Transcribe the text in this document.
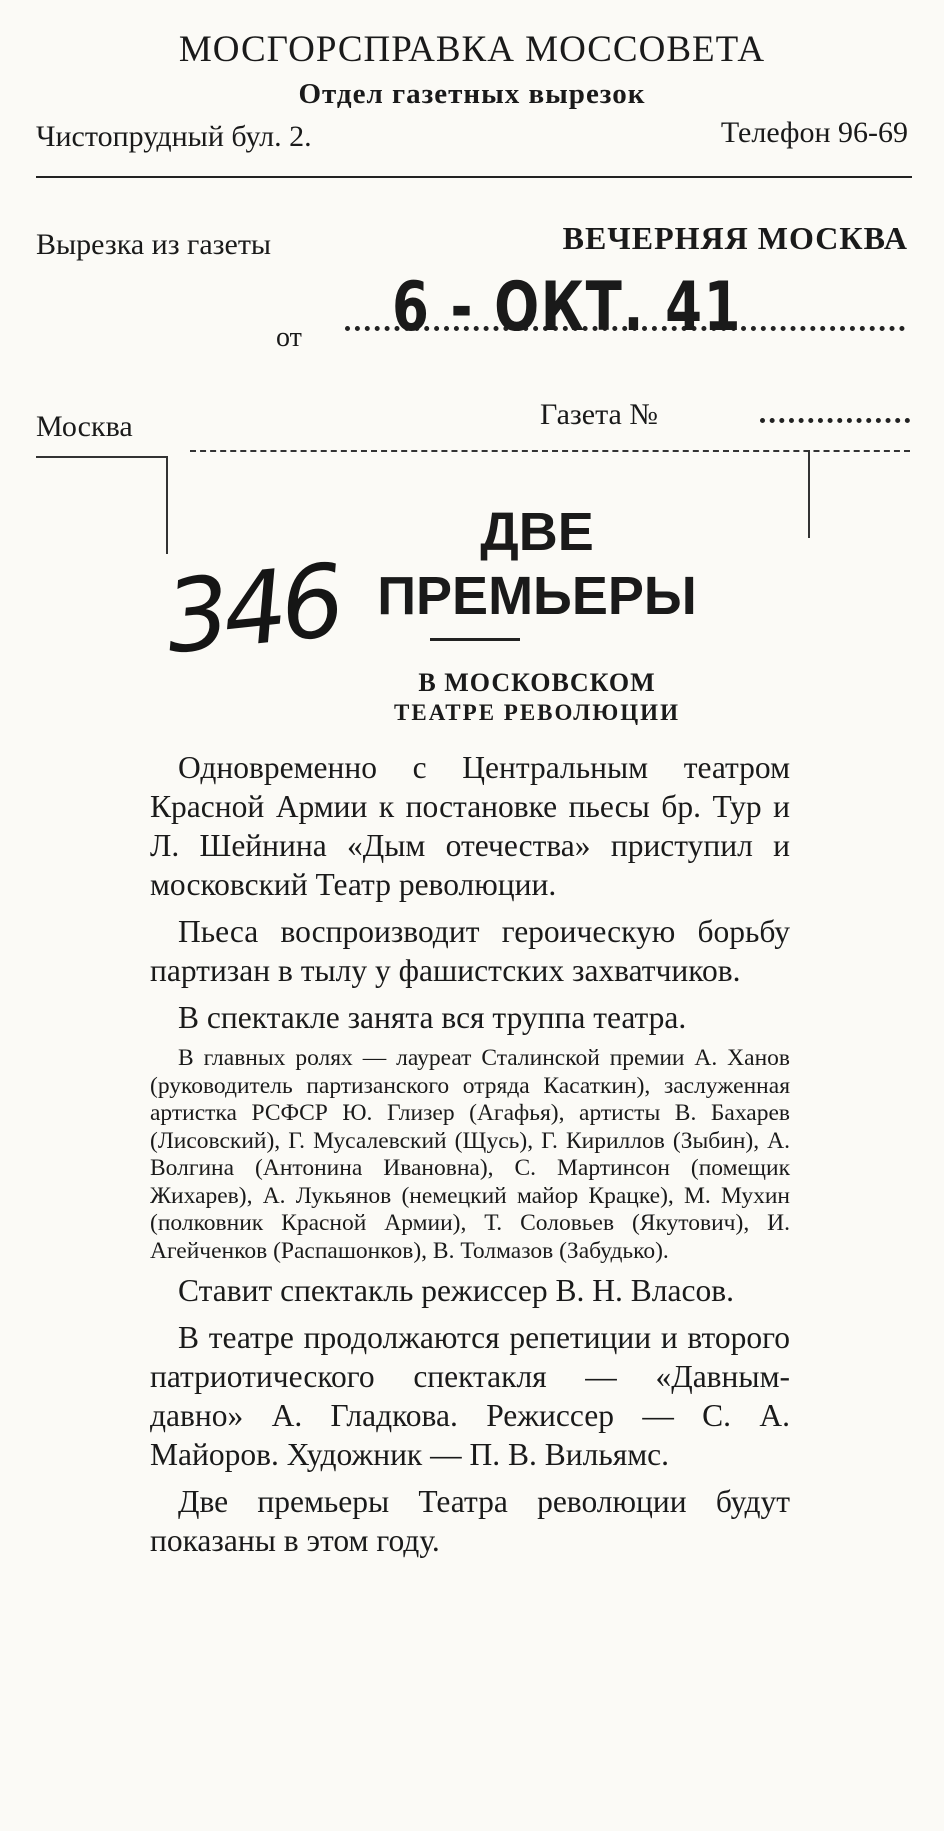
МОСГОРСПРАВКА МОССОВЕТА
Отдел газетных вырезок
Чистопрудный бул. 2.	Телефон 96-69
Вырезка из газеты	ВЕЧЕРНЯЯ МОСКВА
от 6 - ОКТ. 41
Москва	Газета №
ДВЕ
ПРЕМЬЕРЫ
В МОСКОВСКОМ
ТЕАТРЕ РЕВОЛЮЦИИ
346

Одновременно с Центральным театром Красной Армии к постановке пьесы бр. Тур и Л. Шейнина «Дым отечества» приступил и московский Театр революции.

Пьеса воспроизводит героическую борьбу партизан в тылу у фашистских захватчиков.

В спектакле занята вся труппа театра.

В главных ролях — лауреат Сталинской премии А. Ханов (руководитель партизанского отряда Касаткин), заслуженная артистка РСФСР Ю. Глизер (Агафья), артисты В. Бахарев (Лисовский), Г. Мусалевский (Щусь), Г. Кириллов (Зыбин), А. Волгина (Антонина Ивановна), С. Мартинсон (помещик Жихарев), А. Лукьянов (немецкий майор Крацке), М. Мухин (полковник Красной Армии), Т. Соловьев (Якутович), И. Агейченков (Распашонков), В. Толмазов (Забудько).

Ставит спектакль режиссер В. Н. Власов.

В театре продолжаются репетиции и второго патриотического спектакля — «Давным-давно» А. Гладкова. Режиссер — С. А. Майоров. Художник — П. В. Вильямс.

Две премьеры Театра революции будут показаны в этом году.
